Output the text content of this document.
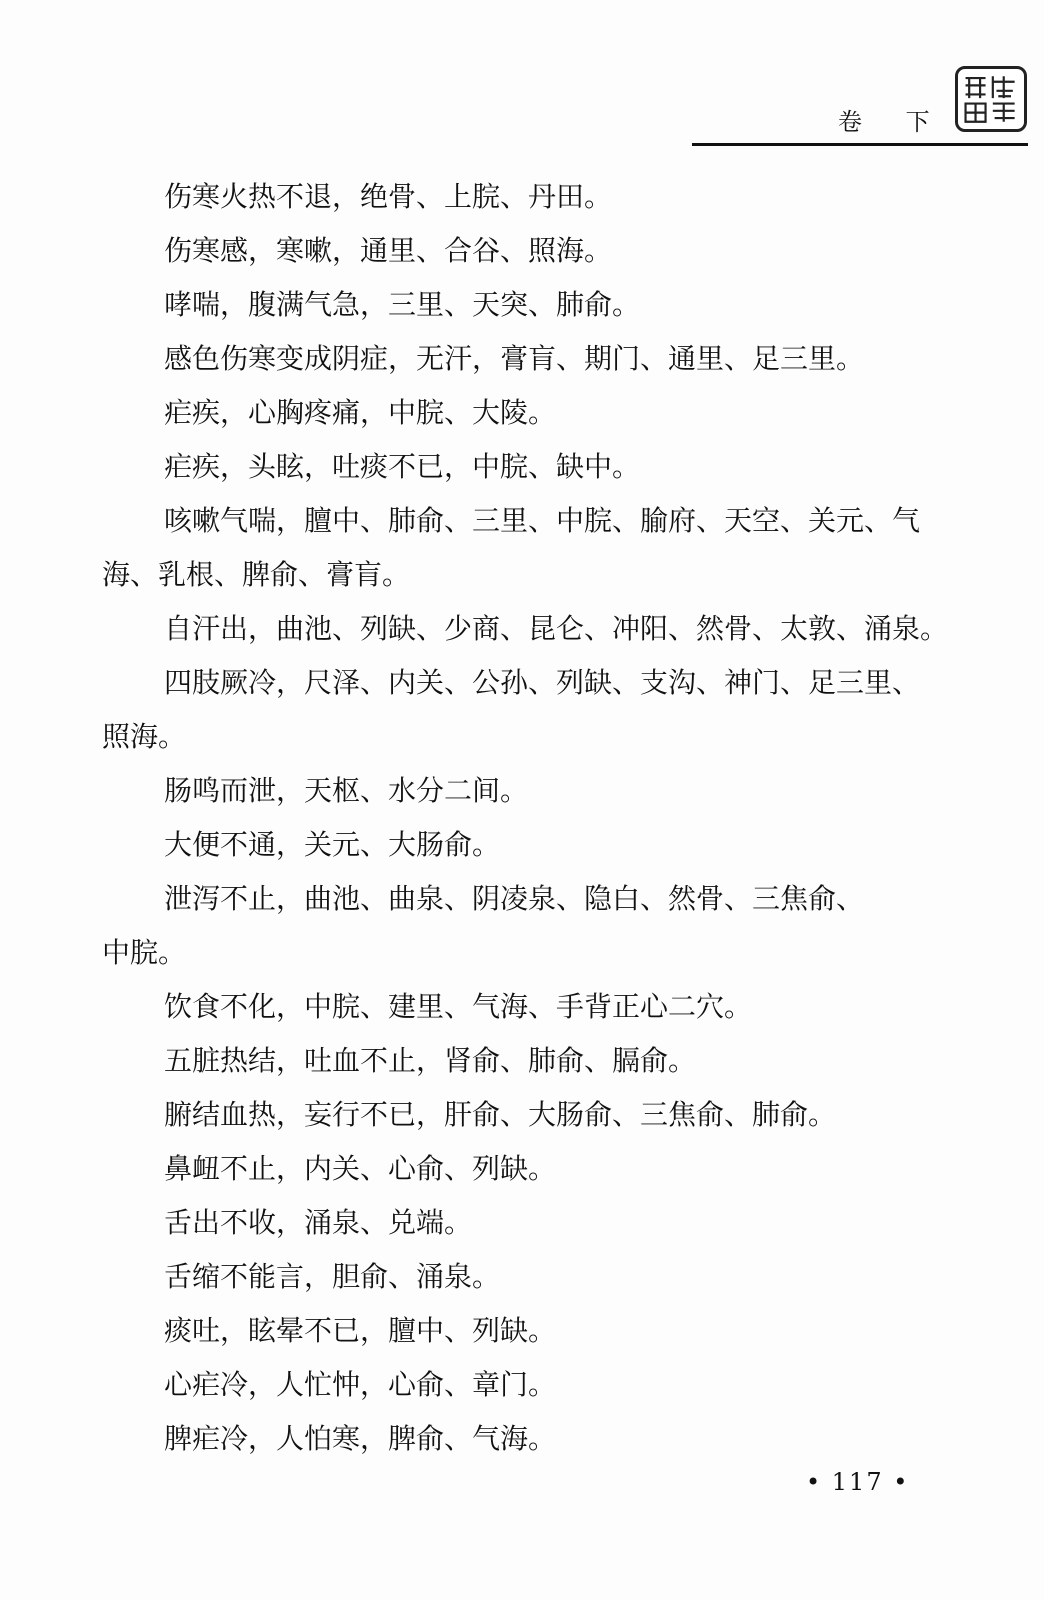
卷 下
伤寒火热不退，绝骨、上脘、丹田。
伤寒感，寒嗽，通里、合谷、照海。
哮喘，腹满气急，三里、天突、肺俞。
感色伤寒变成阴症，无汗，膏肓、期门、通里、足三里。
疟疾，心胸疼痛，中脘、大陵。
疟疾，头眩，吐痰不已，中脘、缺中。
咳嗽气喘，膻中、肺俞、三里、中脘、腧府、天空、关元、气
海、乳根、脾俞、膏肓。
自汗出，曲池、列缺、少商、昆仑、冲阳、然骨、太敦、涌泉。
四肢厥冷，尺泽、内关、公孙、列缺、支沟、神门、足三里、
照海。
肠鸣而泄，天枢、水分二间。
大便不通，关元、大肠俞。
泄泻不止，曲池、曲泉、阴凌泉、隐白、然骨、三焦俞、
中脘。
饮食不化，中脘、建里、气海、手背正心二穴。
五脏热结，吐血不止，肾俞、肺俞、膈俞。
腑结血热，妄行不已，肝俞、大肠俞、三焦俞、肺俞。
鼻衄不止，内关、心俞、列缺。
舌出不收，涌泉、兑端。
舌缩不能言，胆俞、涌泉。
痰吐，眩晕不已，膻中、列缺。
心疟冷，人忙忡，心俞、章门。
脾疟冷，人怕寒，脾俞、气海。
• 117 •
